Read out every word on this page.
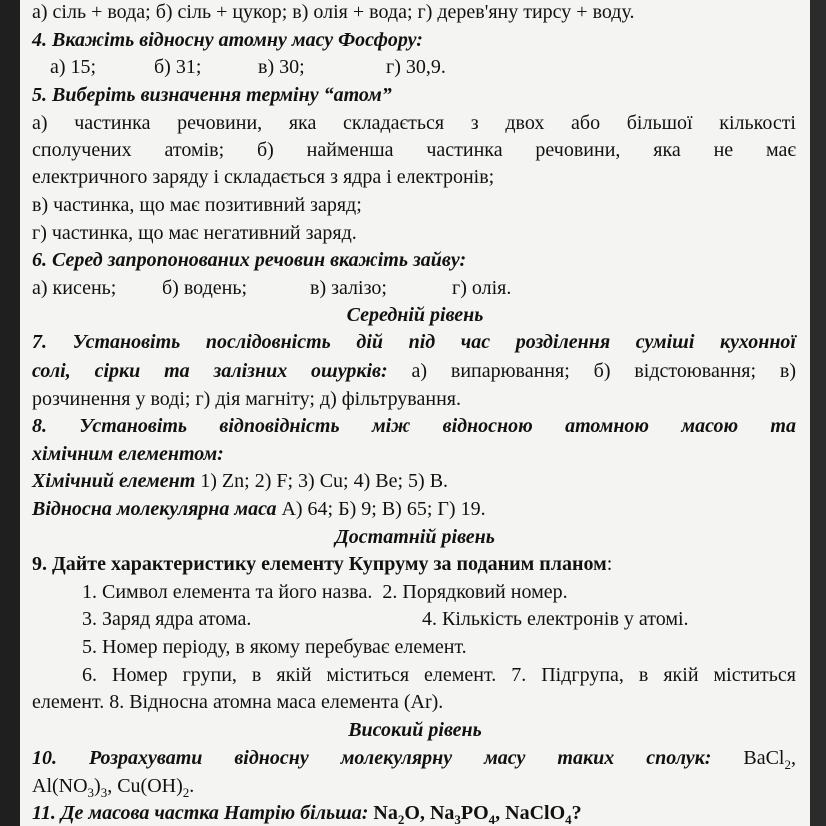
а) сіль + вода; б) сіль + цукор; в) олія + вода; г) дерев'яну тирсу + воду.
4. Вкажіть відносну атомну масу Фосфору:
а) 15;	б) 31;	в) 30;	г) 30,9.
5. Виберіть визначення терміну “атом”
а) частинка речовини, яка складається з двох або більшої кількості
сполучених атомів; б) найменша частинка речовини, яка не має
електричного заряду і складається з ядра і електронів;
в) частинка, що має позитивний заряд;
г) частинка, що має негативний заряд.
6. Серед запропонованих речовин вкажіть зайву:
а) кисень; б) водень;	в) залізо;	г) олія.
Середній рівень
7. Установіть послідовність дій під час розділення суміші кухонної
солі, сірки та залізних ошурків: а) випарювання; б) відстоювання; в)
розчинення у воді; г) дія магніту; д) фільтрування.
8. Установіть відповідність між відносною атомною масою та
хімічним елементом:
Хімічний елемент 1) Zn; 2) F; 3) Cu; 4) Be; 5) B.
Відносна молекулярна маса А) 64; Б) 9; В) 65; Г) 19.
Достатній рівень
9. Дайте характеристику елементу Купруму за поданим планом:
1. Символ елемента та його назва. 2. Порядковий номер.
3. Заряд ядра атома.	4. Кількість електронів у атомі.
5. Номер періоду, в якому перебуває елемент.
6. Номер групи, в якій міститься елемент. 7. Підгрупа, в якій міститься
елемент. 8. Відносна атомна маса елемента (Ar).
Високий рівень
10. Розрахувати відносну молекулярну масу таких сполук: BaCl$_2$,
$Al(NO_3)_3$, $Cu(OH)_2$.
11. Де масова частка Натрію більша: $Na_2O$, $Na_3PO_4$, NaClO$_4$?
